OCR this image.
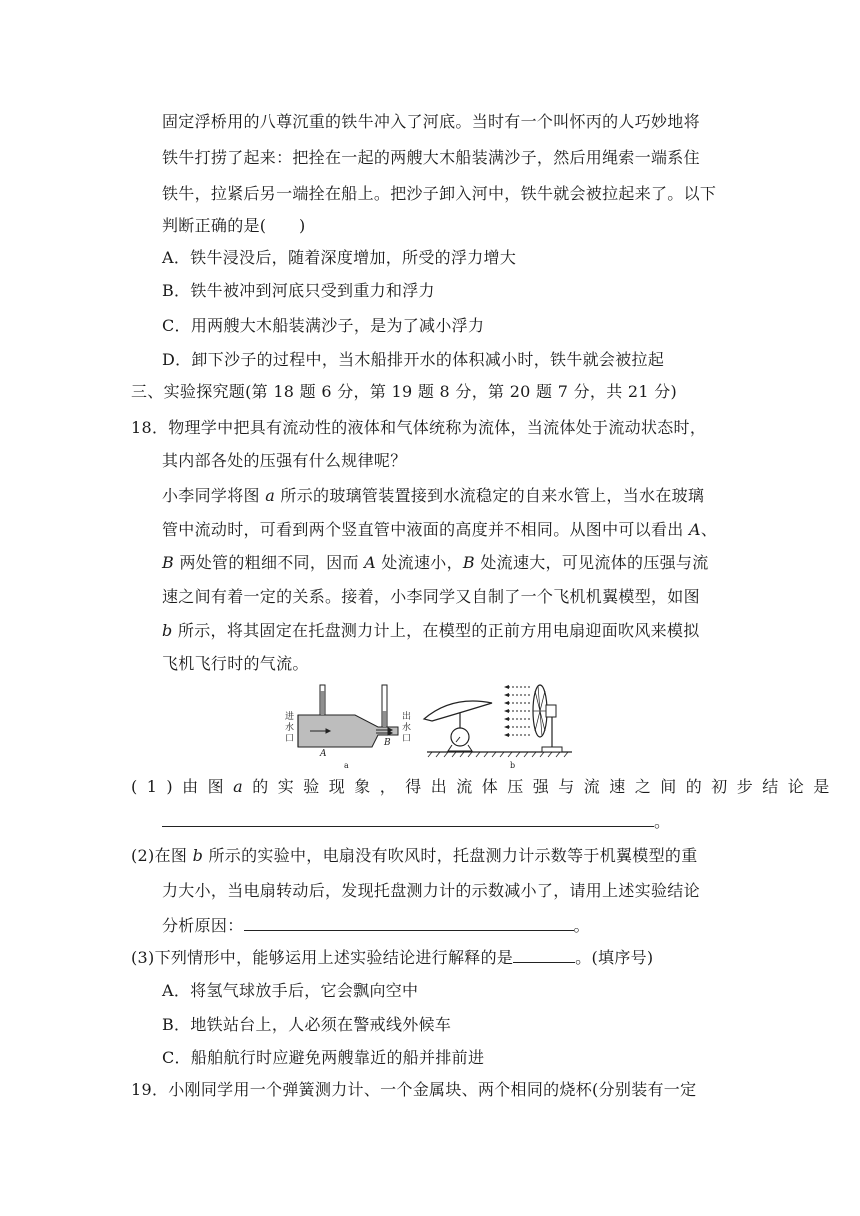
固定浮桥用的八尊沉重的铁牛冲入了河底。当时有一个叫怀丙的人巧妙地将
铁牛打捞了起来：把拴在一起的两艘大木船装满沙子，然后用绳索一端系住
铁牛，拉紧后另一端拴在船上。把沙子卸入河中，铁牛就会被拉起来了。以下
判断正确的是(　　)
A．铁牛浸没后，随着深度增加，所受的浮力增大
B．铁牛被冲到河底只受到重力和浮力
C．用两艘大木船装满沙子，是为了减小浮力
D．卸下沙子的过程中，当木船排开水的体积减小时，铁牛就会被拉起
三、实验探究题(第 18 题 6 分，第 19 题 8 分，第 20 题 7 分，共 21 分)
18．物理学中把具有流动性的液体和气体统称为流体，当流体处于流动状态时，
其内部各处的压强有什么规律呢？
小李同学将图 a 所示的玻璃管装置接到水流稳定的自来水管上，当水在玻璃
管中流动时，可看到两个竖直管中液面的高度并不相同。从图中可以看出 A、
B 两处管的粗细不同，因而 A 处流速小，B 处流速大，可见流体的压强与流
速之间有着一定的关系。接着，小李同学又自制了一个飞机机翼模型，如图
b 所示，将其固定在托盘测力计上，在模型的正前方用电扇迎面吹风来模拟
飞机飞行时的气流。
进
水
口
出
水
口
A
B
a	b
(1)由图a的实验现象，得出流体压强与流速之间的初步结论是
。
(2)在图 b 所示的实验中，电扇没有吹风时，托盘测力计示数等于机翼模型的重
力大小，当电扇转动后，发现托盘测力计的示数减小了，请用上述实验结论
分析原因：	。
(3)下列情形中，能够运用上述实验结论进行解释的是	。(填序号)
A．将氢气球放手后，它会飘向空中
B．地铁站台上，人必须在警戒线外候车
C．船舶航行时应避免两艘靠近的船并排前进
19．小刚同学用一个弹簧测力计、一个金属块、两个相同的烧杯(分别装有一定
